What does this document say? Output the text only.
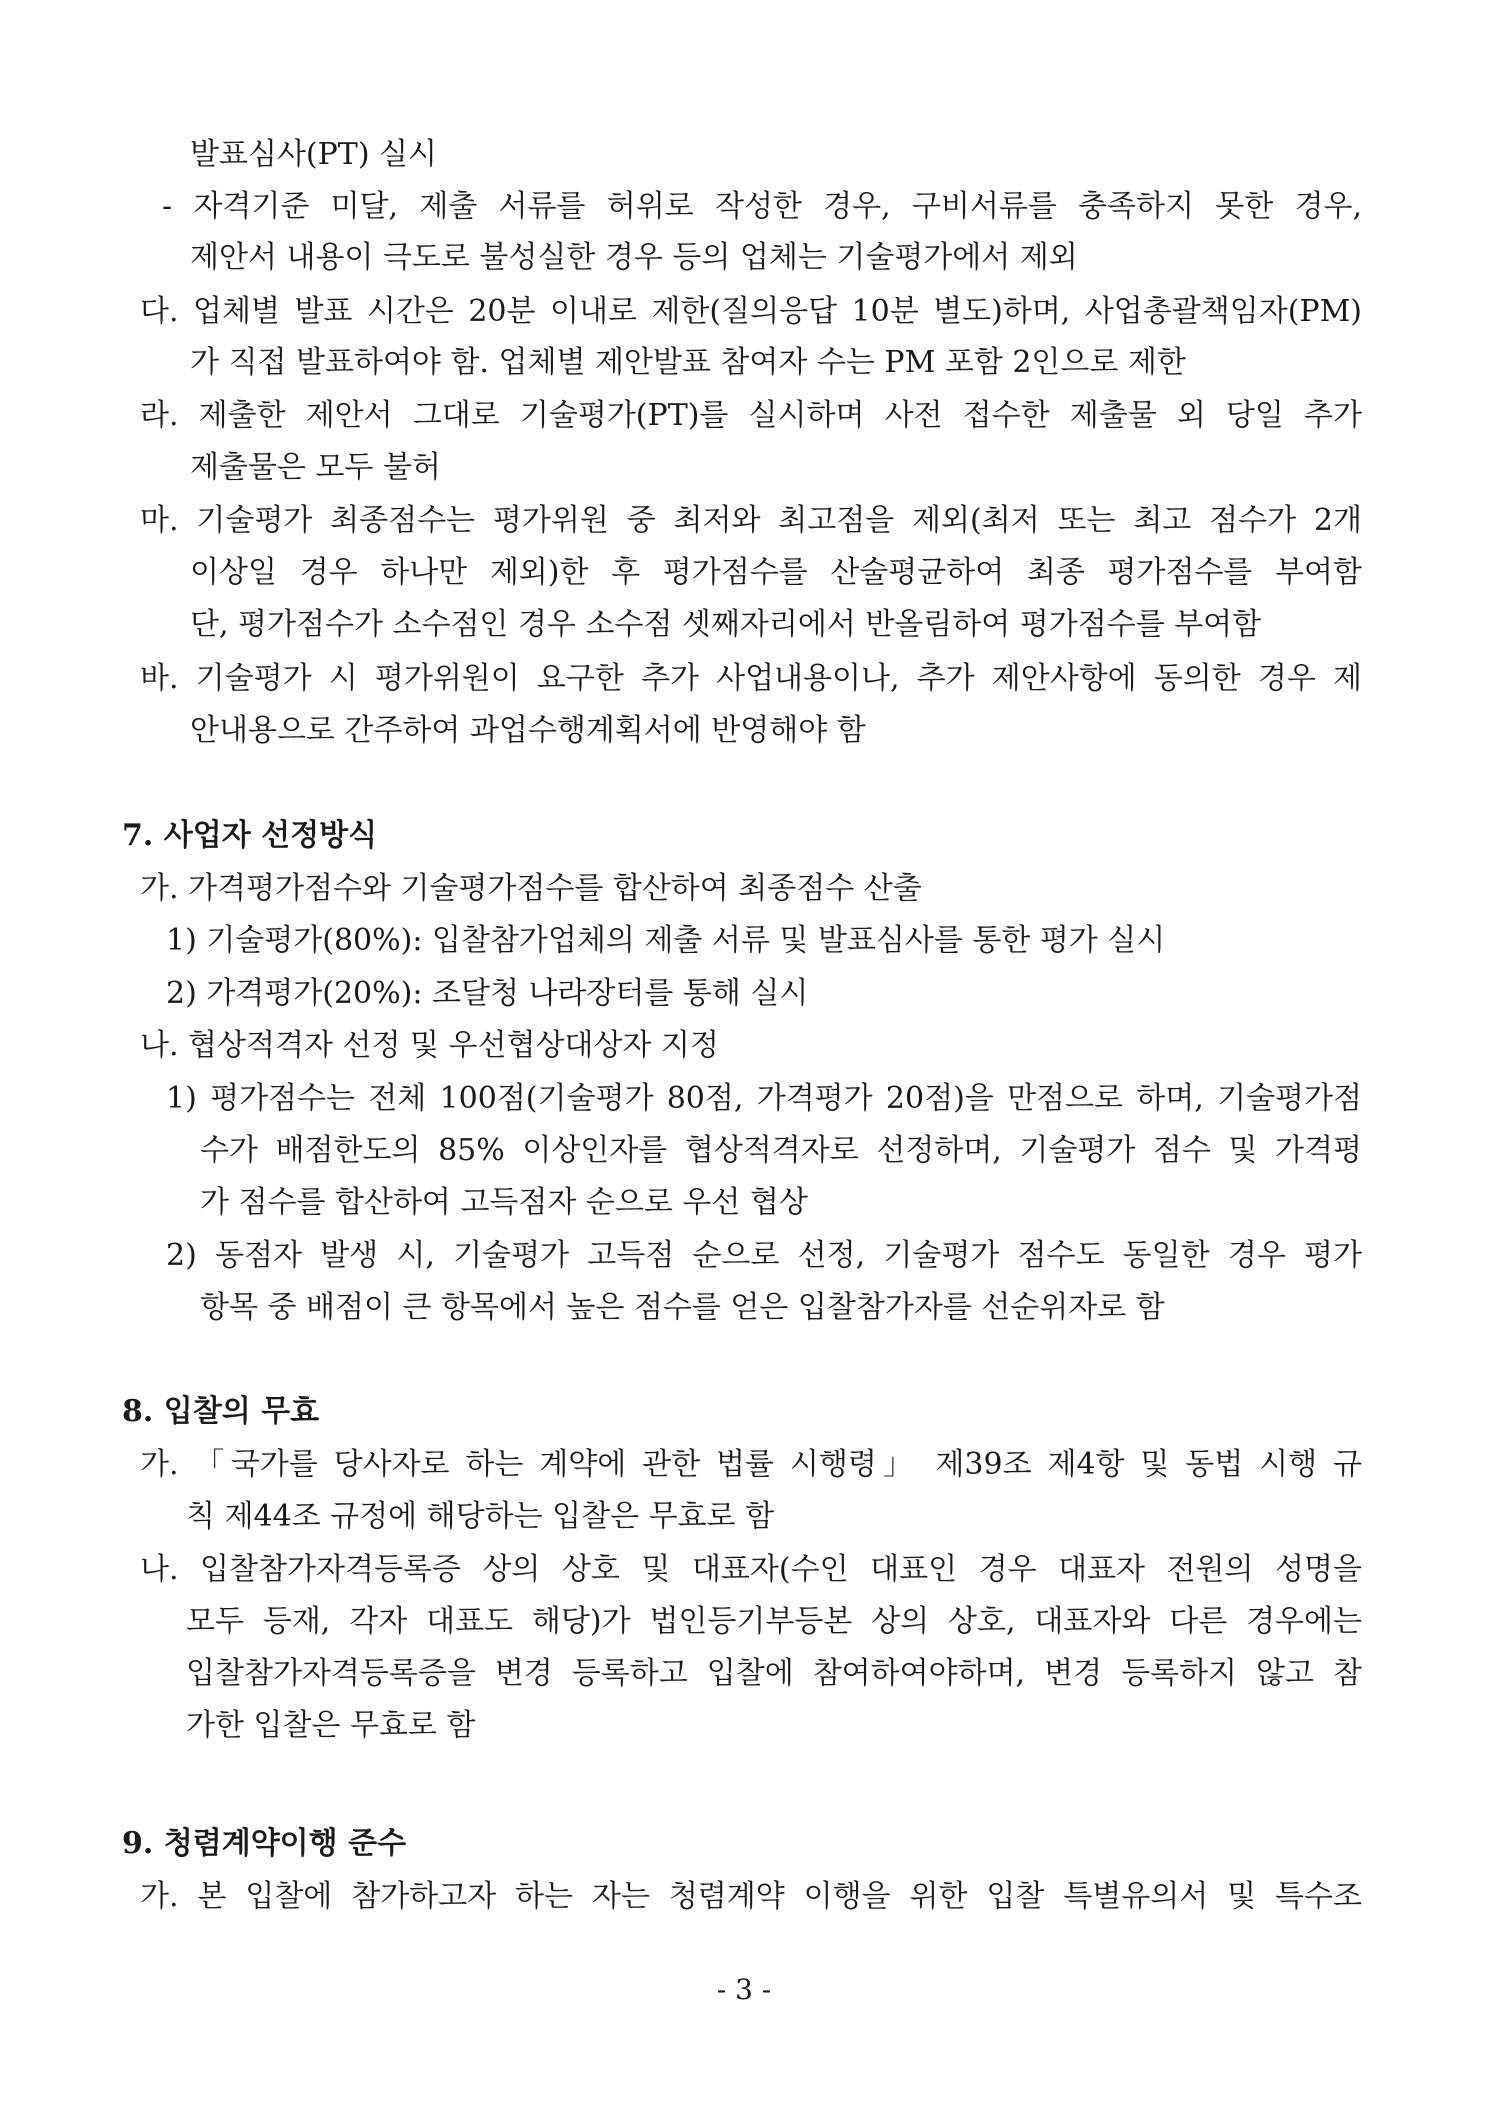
발표심사(PT) 실시
- 자격기준 미달, 제출 서류를 허위로 작성한 경우, 구비서류를 충족하지 못한 경우,
제안서 내용이 극도로 불성실한 경우 등의 업체는 기술평가에서 제외
다. 업체별 발표 시간은 20분 이내로 제한(질의응답 10분 별도)하며, 사업총괄책임자(PM)
가 직접 발표하여야 함. 업체별 제안발표 참여자 수는 PM 포함 2인으로 제한
라. 제출한 제안서 그대로 기술평가(PT)를 실시하며 사전 접수한 제출물 외 당일 추가
제출물은 모두 불허
마. 기술평가 최종점수는 평가위원 중 최저와 최고점을 제외(최저 또는 최고 점수가 2개
이상일 경우 하나만 제외)한 후 평가점수를 산술평균하여 최종 평가점수를 부여함
단, 평가점수가 소수점인 경우 소수점 셋째자리에서 반올림하여 평가점수를 부여함
바. 기술평가 시 평가위원이 요구한 추가 사업내용이나, 추가 제안사항에 동의한 경우 제
안내용으로 간주하여 과업수행계획서에 반영해야 함
7. 사업자 선정방식
가. 가격평가점수와 기술평가점수를 합산하여 최종점수 산출
1) 기술평가(80%): 입찰참가업체의 제출 서류 및 발표심사를 통한 평가 실시
2) 가격평가(20%): 조달청 나라장터를 통해 실시
나. 협상적격자 선정 및 우선협상대상자 지정
1) 평가점수는 전체 100점(기술평가 80점, 가격평가 20점)을 만점으로 하며, 기술평가점
수가 배점한도의 85% 이상인자를 협상적격자로 선정하며, 기술평가 점수 및 가격평
가 점수를 합산하여 고득점자 순으로 우선 협상
2) 동점자 발생 시, 기술평가 고득점 순으로 선정, 기술평가 점수도 동일한 경우 평가
항목 중 배점이 큰 항목에서 높은 점수를 얻은 입찰참가자를 선순위자로 함
8. 입찰의 무효
가. 「국가를 당사자로 하는 계약에 관한 법률 시행령」 제39조 제4항 및 동법 시행 규
칙 제44조 규정에 해당하는 입찰은 무효로 함
나. 입찰참가자격등록증 상의 상호 및 대표자(수인 대표인 경우 대표자 전원의 성명을
모두 등재, 각자 대표도 해당)가 법인등기부등본 상의 상호, 대표자와 다른 경우에는
입찰참가자격등록증을 변경 등록하고 입찰에 참여하여야하며, 변경 등록하지 않고 참
가한 입찰은 무효로 함
9. 청렴계약이행 준수
가. 본 입찰에 참가하고자 하는 자는 청렴계약 이행을 위한 입찰 특별유의서 및 특수조
- 3 -
